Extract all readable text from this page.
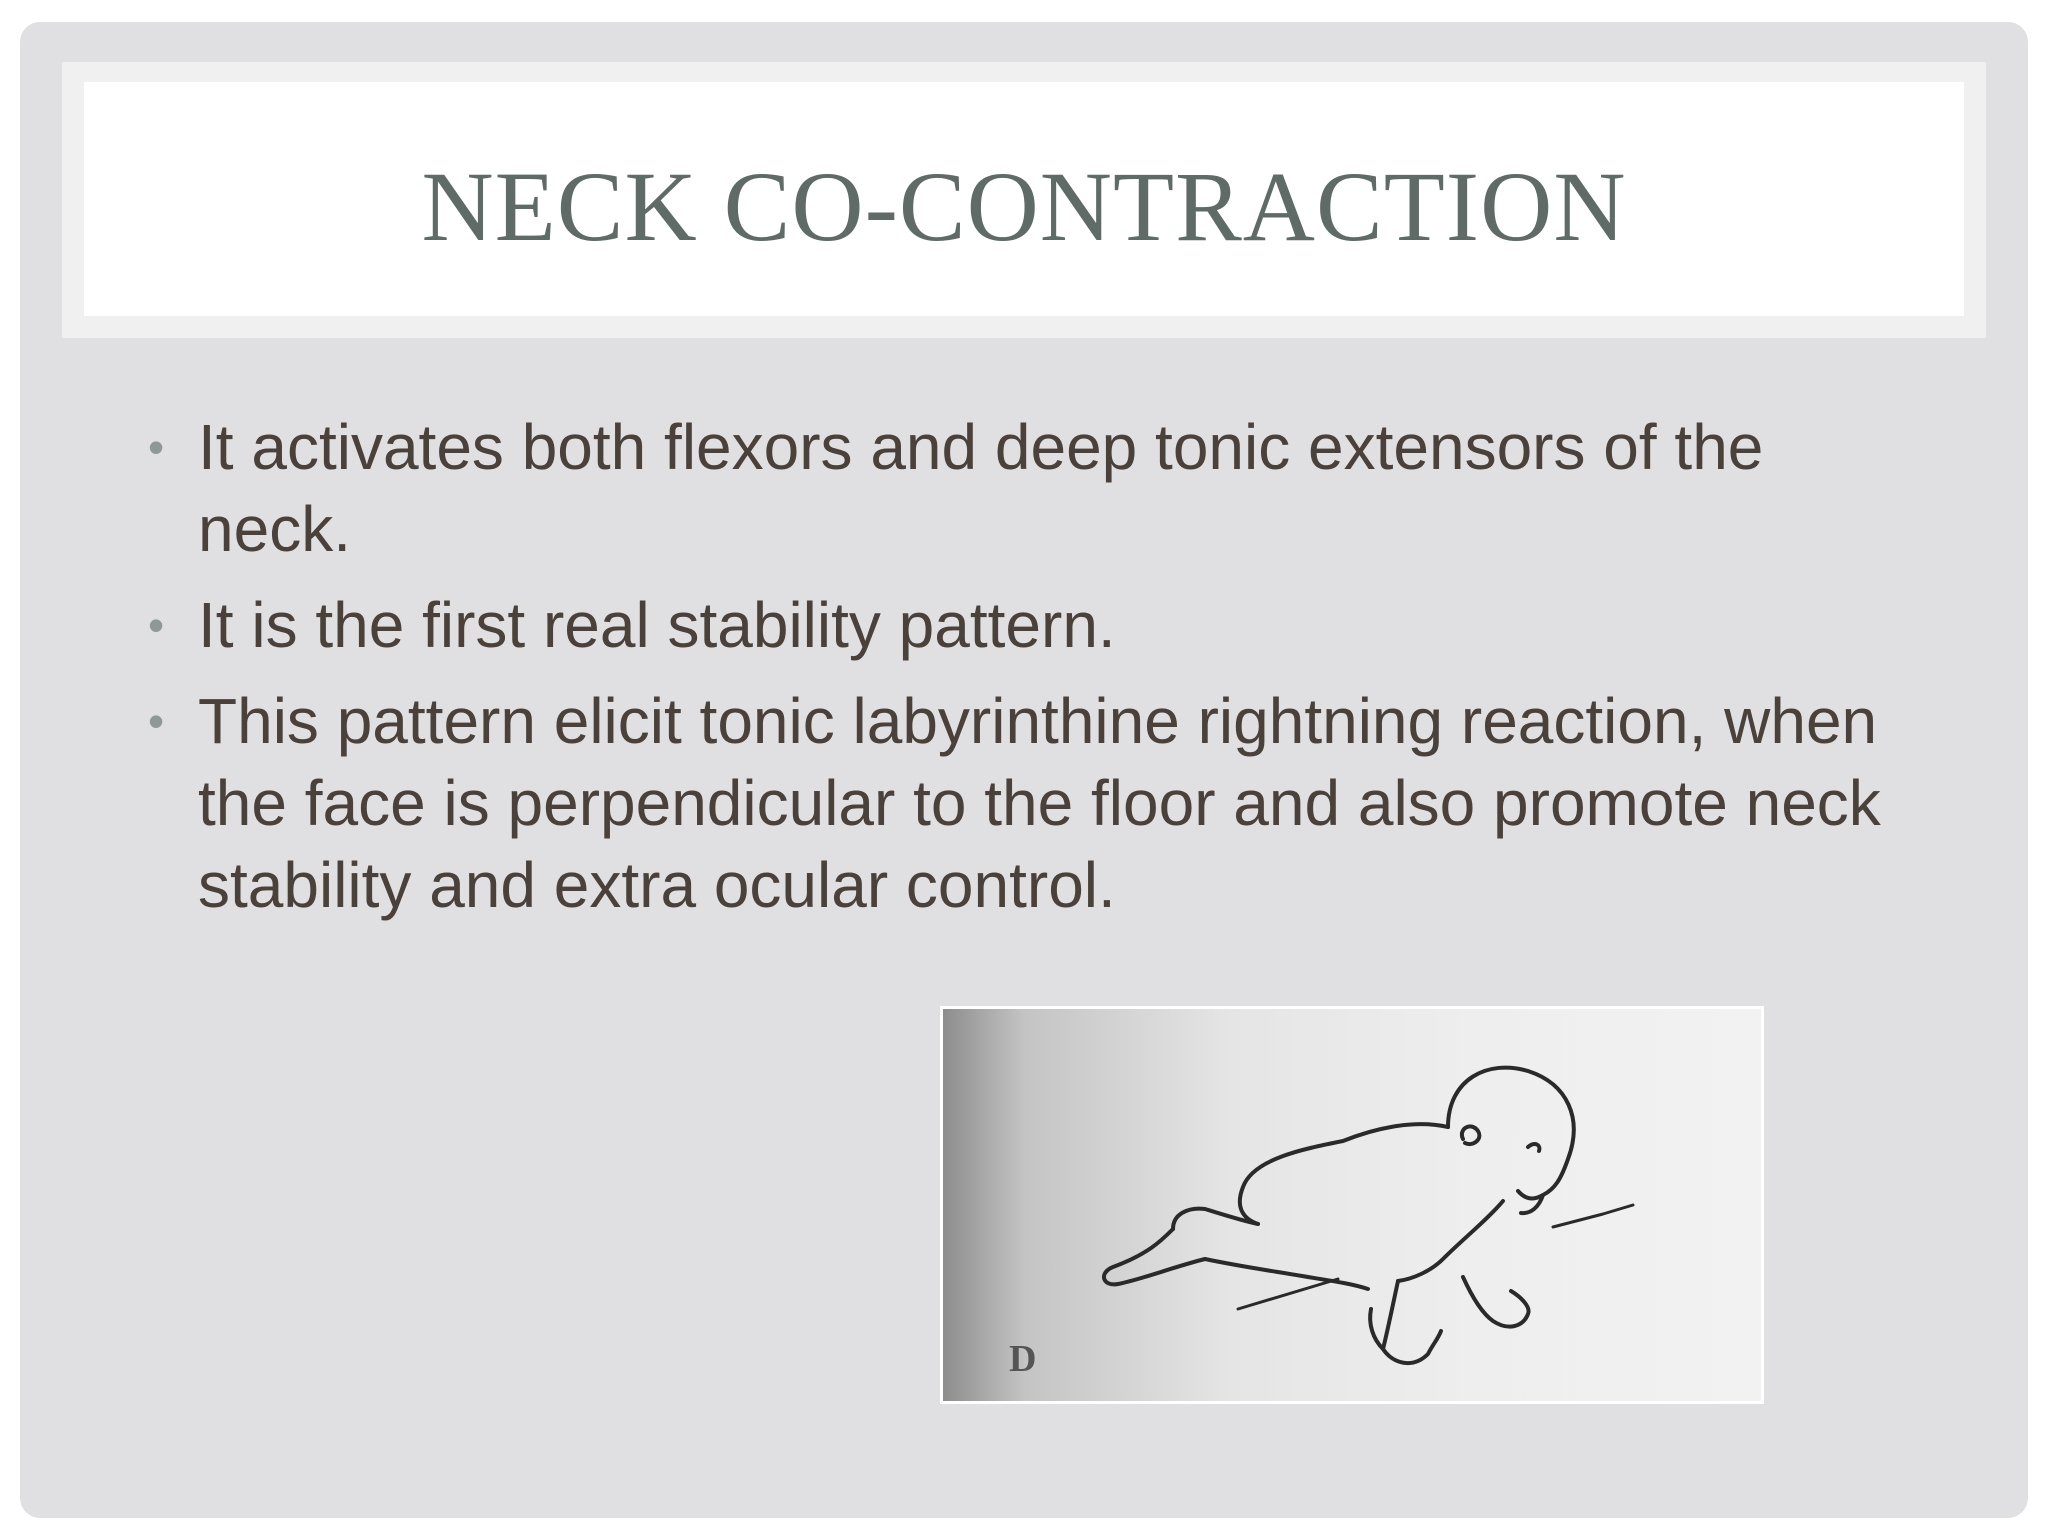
NECK CO-CONTRACTION
• It activates both flexors and deep tonic extensors of the neck.
• It is the first real stability pattern.
• This pattern elicit tonic labyrinthine rightning reaction, when the face is perpendicular to the floor and also promote neck stability and extra ocular control.
D
